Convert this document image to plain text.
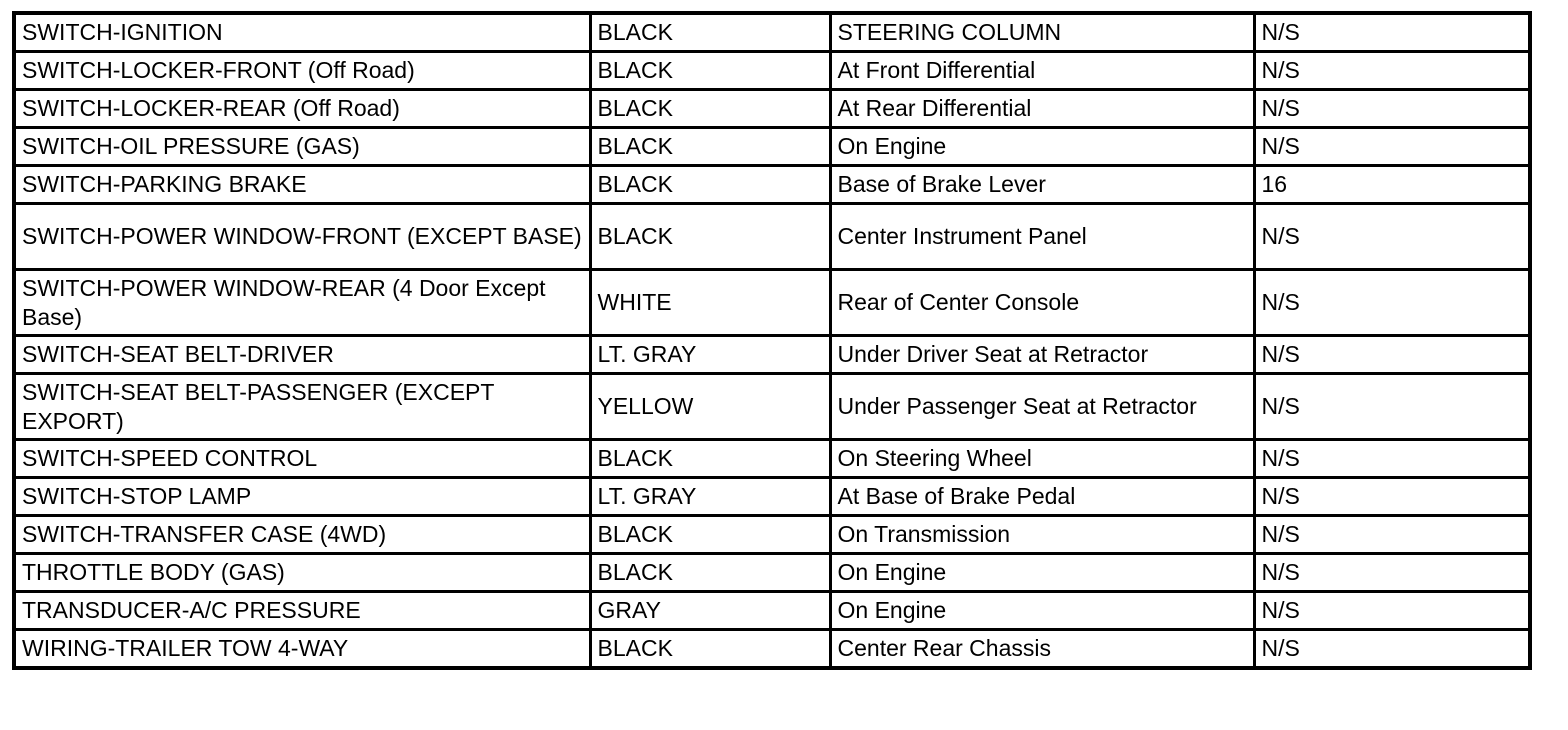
SWITCH-IGNITION	BLACK	STEERING COLUMN	N/S
SWITCH-LOCKER-FRONT (Off Road)	BLACK	At Front Differential	N/S
SWITCH-LOCKER-REAR (Off Road)	BLACK	At Rear Differential	N/S
SWITCH-OIL PRESSURE (GAS)	BLACK	On Engine	N/S
SWITCH-PARKING BRAKE	BLACK	Base of Brake Lever	16
SWITCH-POWER WINDOW-FRONT (EXCEPT BASE)	BLACK	Center Instrument Panel	N/S
SWITCH-POWER WINDOW-REAR (4 Door Except Base)	WHITE	Rear of Center Console	N/S
SWITCH-SEAT BELT-DRIVER	LT. GRAY	Under Driver Seat at Retractor	N/S
SWITCH-SEAT BELT-PASSENGER (EXCEPT EXPORT)	YELLOW	Under Passenger Seat at Retractor	N/S
SWITCH-SPEED CONTROL	BLACK	On Steering Wheel	N/S
SWITCH-STOP LAMP	LT. GRAY	At Base of Brake Pedal	N/S
SWITCH-TRANSFER CASE (4WD)	BLACK	On Transmission	N/S
THROTTLE BODY (GAS)	BLACK	On Engine	N/S
TRANSDUCER-A/C PRESSURE	GRAY	On Engine	N/S
WIRING-TRAILER TOW 4-WAY	BLACK	Center Rear Chassis	N/S
